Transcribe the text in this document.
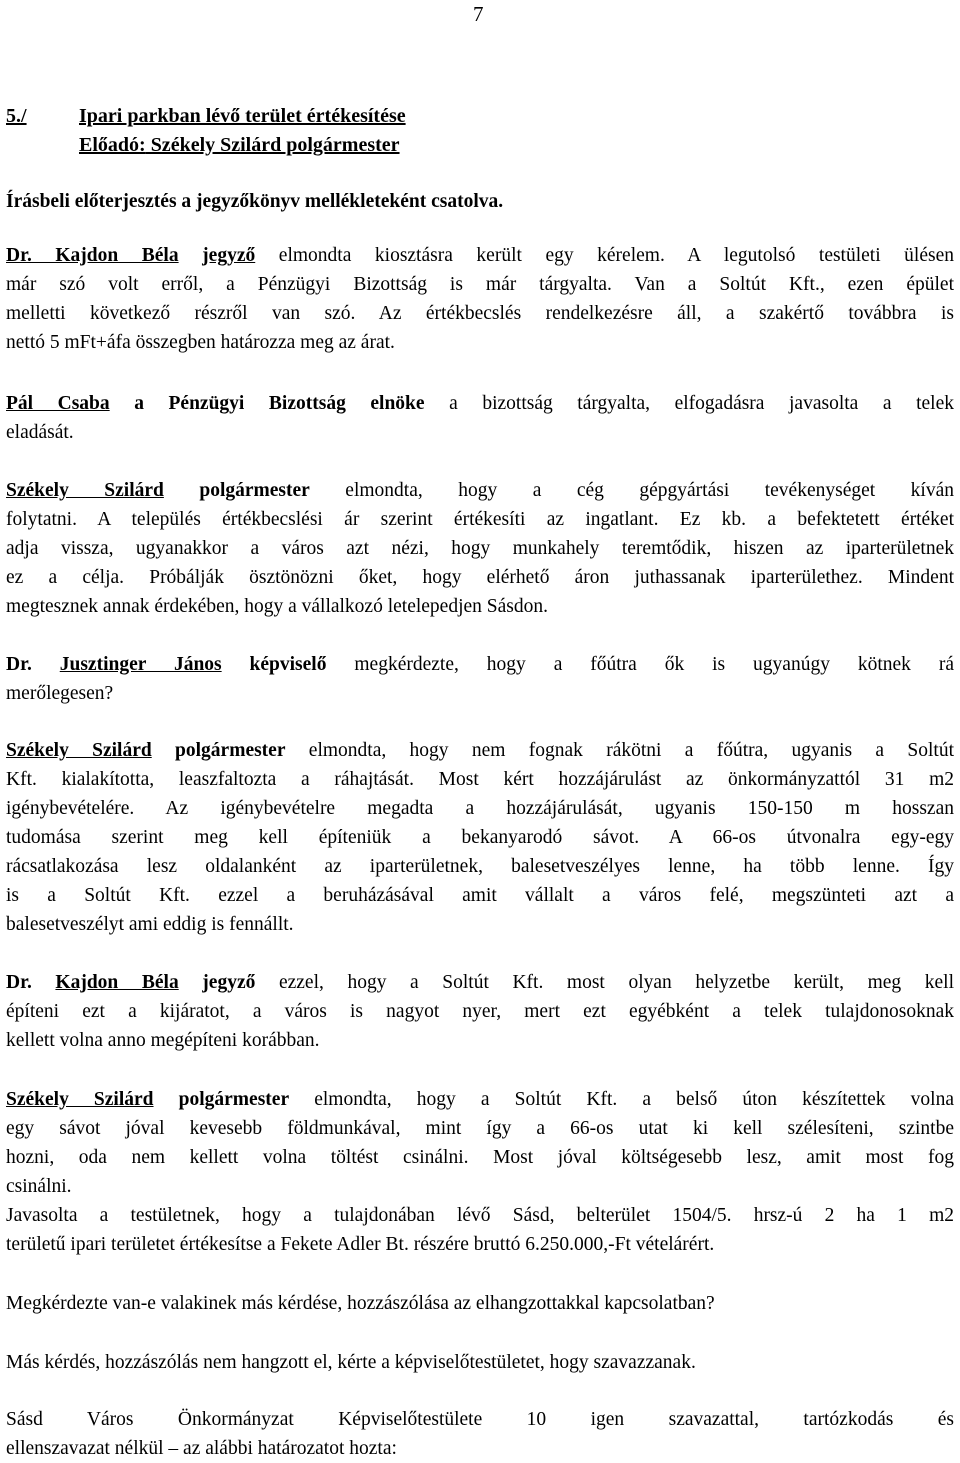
7
5./	Ipari parkban lévő terület értékesítése
Előadó: Székely Szilárd polgármester
Írásbeli előterjesztés a jegyzőkönyv mellékleteként csatolva.
Dr. Kajdon Béla jegyző elmondta kiosztásra került egy kérelem. A legutolsó testületi ülésen
már szó volt erről, a Pénzügyi Bizottság is már tárgyalta. Van a Soltút Kft., ezen épület
melletti következő részről van szó. Az értékbecslés rendelkezésre áll, a szakértő továbbra is
nettó 5 mFt+áfa összegben határozza meg az árat.
Pál Csaba a Pénzügyi Bizottság elnöke a bizottság tárgyalta, elfogadásra javasolta a telek
eladását.
Székely Szilárd polgármester elmondta, hogy a cég gépgyártási tevékenységet kíván
folytatni. A település értékbecslési ár szerint értékesíti az ingatlant. Ez kb. a befektetett értéket
adja vissza, ugyanakkor a város azt nézi, hogy munkahely teremtődik, hiszen az iparterületnek
ez a célja. Próbálják ösztönözni őket, hogy elérhető áron juthassanak iparterülethez. Mindent
megtesznek annak érdekében, hogy a vállalkozó letelepedjen Sásdon.
Dr. Jusztinger János képviselő megkérdezte, hogy a főútra ők is ugyanúgy kötnek rá
merőlegesen?
Székely Szilárd polgármester elmondta, hogy nem fognak rákötni a főútra, ugyanis a Soltút
Kft. kialakította, leaszfaltozta a ráhajtását. Most kért hozzájárulást az önkormányzattól 31 m2
igénybevételére. Az igénybevételre megadta a hozzájárulását, ugyanis 150-150 m hosszan
tudomása szerint meg kell építeniük a bekanyarodó sávot. A 66-os útvonalra egy-egy
rácsatlakozása lesz oldalanként az iparterületnek, balesetveszélyes lenne, ha több lenne. Így
is a Soltút Kft. ezzel a beruházásával amit vállalt a város felé, megszünteti azt a
balesetveszélyt ami eddig is fennállt.
Dr. Kajdon Béla jegyző ezzel, hogy a Soltút Kft. most olyan helyzetbe került, meg kell
építeni ezt a kijáratot, a város is nagyot nyer, mert ezt egyébként a telek tulajdonosoknak
kellett volna anno megépíteni korábban.
Székely Szilárd polgármester elmondta, hogy a Soltút Kft. a belső úton készítettek volna
egy sávot jóval kevesebb földmunkával, mint így a 66-os utat ki kell szélesíteni, szintbe
hozni, oda nem kellett volna töltést csinálni. Most jóval költségesebb lesz, amit most fog
csinálni.
Javasolta a testületnek, hogy a tulajdonában lévő Sásd, belterület 1504/5. hrsz-ú 2 ha 1 m2
területű ipari területet értékesítse a Fekete Adler Bt. részére bruttó 6.250.000,-Ft vételárért.
Megkérdezte van-e valakinek más kérdése, hozzászólása az elhangzottakkal kapcsolatban?
Más kérdés, hozzászólás nem hangzott el, kérte a képviselőtestületet, hogy szavazzanak.
Sásd Város Önkormányzat Képviselőtestülete 10 igen szavazattal, tartózkodás és
ellenszavazat nélkül – az alábbi határozatot hozta:
